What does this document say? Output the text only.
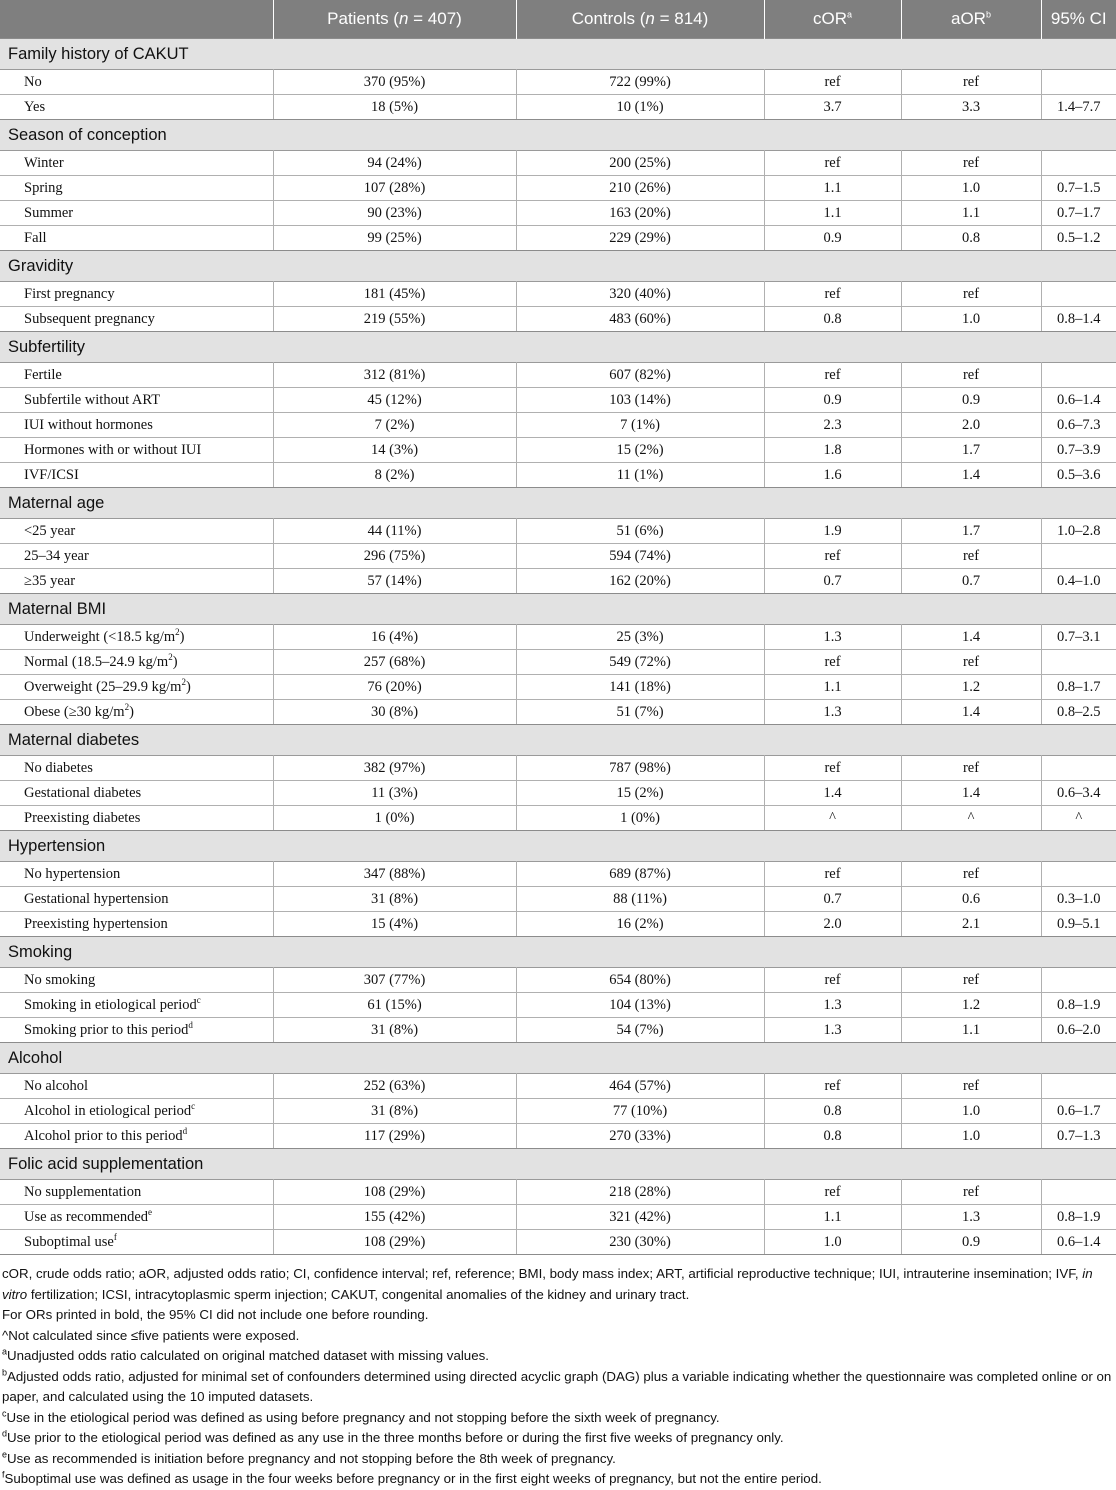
	Patients (n = 407)	Controls (n = 814)	cOR$^a$	aOR$^b$	95% CI
Family history of CAKUT					
No	370 (95%)	722 (99%)	ref	ref	
Yes	18 (5%)	10 (1%)	3.7	3.3	1.4–7.7
Season of conception					
Winter	94 (24%)	200 (25%)	ref	ref	
Spring	107 (28%)	210 (26%)	1.1	1.0	0.7–1.5
Summer	90 (23%)	163 (20%)	1.1	1.1	0.7–1.7
Fall	99 (25%)	229 (29%)	0.9	0.8	0.5–1.2
Gravidity					
First pregnancy	181 (45%)	320 (40%)	ref	ref	
Subsequent pregnancy	219 (55%)	483 (60%)	0.8	1.0	0.8–1.4
Subfertility					
Fertile	312 (81%)	607 (82%)	ref	ref	
Subfertile without ART	45 (12%)	103 (14%)	0.9	0.9	0.6–1.4
IUI without hormones	7 (2%)	7 (1%)	2.3	2.0	0.6–7.3
Hormones with or without IUI	14 (3%)	15 (2%)	1.8	1.7	0.7–3.9
IVF/ICSI	8 (2%)	11 (1%)	1.6	1.4	0.5–3.6
Maternal age					
<25 year	44 (11%)	51 (6%)	1.9	1.7	1.0–2.8
25–34 year	296 (75%)	594 (74%)	ref	ref	
≥35 year	57 (14%)	162 (20%)	0.7	0.7	0.4–1.0
Maternal BMI					
Underweight (<18.5 $kg/m^2$)	16 (4%)	25 (3%)	1.3	1.4	0.7–3.1
Normal (18.5–24.9 $kg/m^2$)	257 (68%)	549 (72%)	ref	ref	
Overweight (25–29.9 $kg/m^2$)	76 (20%)	141 (18%)	1.1	1.2	0.8–1.7
Obese (≥30 $kg/m^2$)	30 (8%)	51 (7%)	1.3	1.4	0.8–2.5
Maternal diabetes					
No diabetes	382 (97%)	787 (98%)	ref	ref	
Gestational diabetes	11 (3%)	15 (2%)	1.4	1.4	0.6–3.4
Preexisting diabetes	1 (0%)	1 (0%)	^	^	^
Hypertension					
No hypertension	347 (88%)	689 (87%)	ref	ref	
Gestational hypertension	31 (8%)	88 (11%)	0.7	0.6	0.3–1.0
Preexisting hypertension	15 (4%)	16 (2%)	2.0	2.1	0.9–5.1
Smoking					
No smoking	307 (77%)	654 (80%)	ref	ref	
Smoking in etiological period$^c$	61 (15%)	104 (13%)	1.3	1.2	0.8–1.9
Smoking prior to this period$^d$	31 (8%)	54 (7%)	1.3	1.1	0.6–2.0
Alcohol					
No alcohol	252 (63%)	464 (57%)	ref	ref	
Alcohol in etiological period$^c$	31 (8%)	77 (10%)	0.8	1.0	0.6–1.7
Alcohol prior to this period$^d$	117 (29%)	270 (33%)	0.8	1.0	0.7–1.3
Folic acid supplementation					
No supplementation	108 (29%)	218 (28%)	ref	ref	
Use as recommended$^e$	155 (42%)	321 (42%)	1.1	1.3	0.8–1.9
Suboptimal use$^f$	108 (29%)	230 (30%)	1.0	0.9	0.6–1.4

cOR, crude odds ratio; aOR, adjusted odds ratio; CI, confidence interval; ref, reference; BMI, body mass index; ART, artificial reproductive technique; IUI, intrauterine insemination; IVF, in vitro fertilization; ICSI, intracytoplasmic sperm injection; CAKUT, congenital anomalies of the kidney and urinary tract.

For ORs printed in bold, the 95% CI did not include one before rounding.

^Not calculated since ≤five patients were exposed.

$^a$Unadjusted odds ratio calculated on original matched dataset with missing values.

$^b$Adjusted odds ratio, adjusted for minimal set of confounders determined using directed acyclic graph (DAG) plus a variable indicating whether the questionnaire was completed online or on paper, and calculated using the 10 imputed datasets.

$^c$Use in the etiological period was defined as using before pregnancy and not stopping before the sixth week of pregnancy.

$^d$Use prior to the etiological period was defined as any use in the three months before or during the first five weeks of pregnancy only.

$^e$Use as recommended is initiation before pregnancy and not stopping before the 8th week of pregnancy.

$^f$Suboptimal use was defined as usage in the four weeks before pregnancy or in the first eight weeks of pregnancy, but not the entire period.
